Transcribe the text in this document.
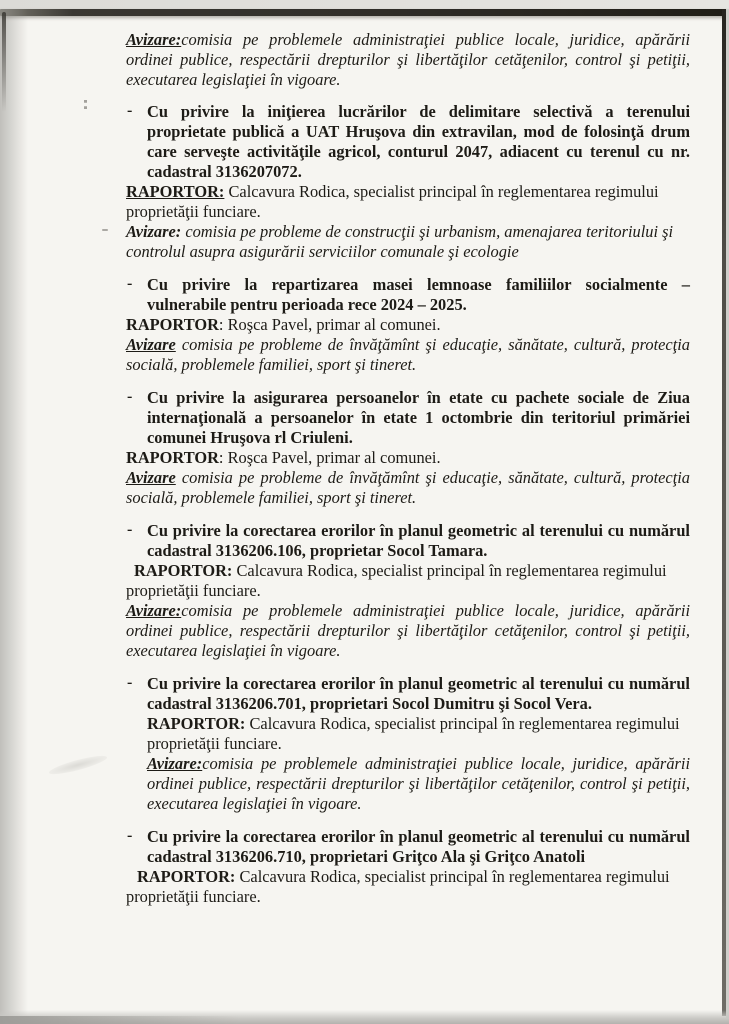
Avizare:comisia pe problemele administraţiei publice locale, juridice, apărării ordinei publice, respectării drepturilor şi libertăţilor cetăţenilor, control şi petiţii, executarea legislaţiei în vigoare.

- Cu privire la iniţierea lucrărilor de delimitare selectivă a terenului proprietate publică a UAT Hruşova din extravilan, mod de folosinţă drum care serveşte activităţile agricol, conturul 2047, adiacent cu terenul cu nr. cadastral 3136207072.

RAPORTOR: Calcavura Rodica, specialist principal în reglementarea regimului proprietăţii funciare.

Avizare: comisia pe probleme de construcţii şi urbanism, amenajarea teritoriului şi controlul asupra asigurării serviciilor comunale şi ecologie

- Cu privire la repartizarea masei lemnoase familiilor socialmente – vulnerabile pentru perioada rece 2024 – 2025.

RAPORTOR: Roşca Pavel, primar al comunei.

Avizare comisia pe probleme de învăţămînt şi educaţie, sănătate, cultură, protecţia socială, problemele familiei, sport şi tineret.

- Cu privire la asigurarea persoanelor în etate cu pachete sociale de Ziua internaţională a persoanelor în etate 1 octombrie din teritoriul primăriei comunei Hruşova rl Criuleni.

RAPORTOR: Roşca Pavel, primar al comunei.

Avizare comisia pe probleme de învăţămînt şi educaţie, sănătate, cultură, protecţia socială, problemele familiei, sport şi tineret.

- Cu privire la corectarea erorilor în planul geometric al terenului cu numărul cadastral 3136206.106, proprietar Socol Tamara.

RAPORTOR: Calcavura Rodica, specialist principal în reglementarea regimului proprietăţii funciare.

Avizare:comisia pe problemele administraţiei publice locale, juridice, apărării ordinei publice, respectării drepturilor şi libertăţilor cetăţenilor, control şi petiţii, executarea legislaţiei în vigoare.

- Cu privire la corectarea erorilor în planul geometric al terenului cu numărul cadastral 3136206.701, proprietari Socol Dumitru şi Socol Vera.

RAPORTOR: Calcavura Rodica, specialist principal în reglementarea regimului proprietăţii funciare.

Avizare:comisia pe problemele administraţiei publice locale, juridice, apărării ordinei publice, respectării drepturilor şi libertăţilor cetăţenilor, control şi petiţii, executarea legislaţiei în vigoare.

- Cu privire la corectarea erorilor în planul geometric al terenului cu numărul cadastral 3136206.710, proprietari Griţco Ala şi Griţco Anatoli

RAPORTOR: Calcavura Rodica, specialist principal în reglementarea regimului proprietăţii funciare.
